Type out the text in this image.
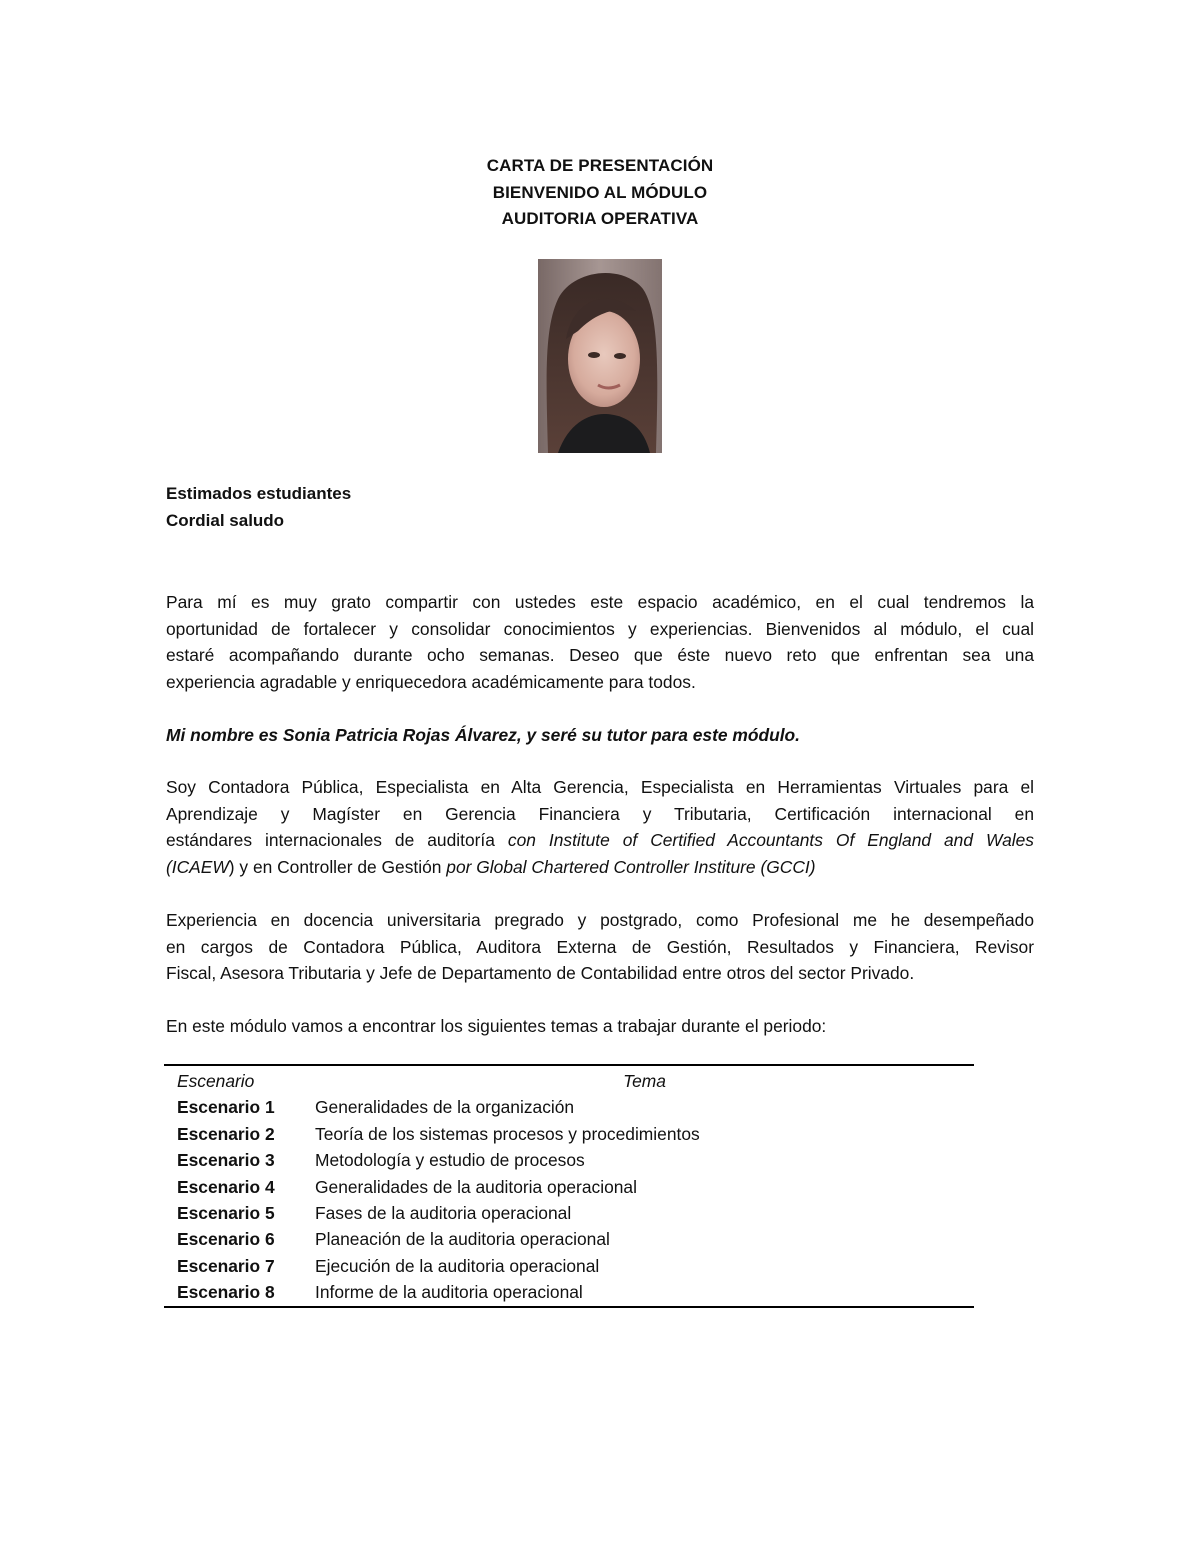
CARTA DE PRESENTACIÓN
BIENVENIDO AL MÓDULO
AUDITORIA OPERATIVA
Estimados estudiantes
Cordial saludo
Para mí es muy grato compartir con ustedes este espacio académico, en el cual tendremos la
oportunidad de fortalecer y consolidar conocimientos y experiencias. Bienvenidos al módulo, el cual
estaré acompañando durante ocho semanas. Deseo que éste nuevo reto que enfrentan sea una
experiencia agradable y enriquecedora académicamente para todos.
Mi nombre es Sonia Patricia Rojas Álvarez, y seré su tutor para este módulo.
Soy Contadora Pública, Especialista en Alta Gerencia, Especialista en Herramientas Virtuales para el
Aprendizaje y Magíster en Gerencia Financiera y Tributaria, Certificación internacional en
estándares internacionales de auditoría con Institute of Certified Accountants Of England and Wales
(ICAEW) y en Controller de Gestión por Global Chartered Controller Institure (GCCI)
Experiencia en docencia universitaria pregrado y postgrado, como Profesional me he desempeñado
en cargos de Contadora Pública, Auditora Externa de Gestión, Resultados y Financiera, Revisor
Fiscal, Asesora Tributaria y Jefe de Departamento de Contabilidad entre otros del sector Privado.
En este módulo vamos a encontrar los siguientes temas a trabajar durante el periodo:
Escenario	Tema
Escenario 1	Generalidades de la organización
Escenario 2	Teoría de los sistemas procesos y procedimientos
Escenario 3	Metodología y estudio de procesos
Escenario 4	Generalidades de la auditoria operacional
Escenario 5	Fases de la auditoria operacional
Escenario 6	Planeación de la auditoria operacional
Escenario 7	Ejecución de la auditoria operacional
Escenario 8	Informe de la auditoria operacional
